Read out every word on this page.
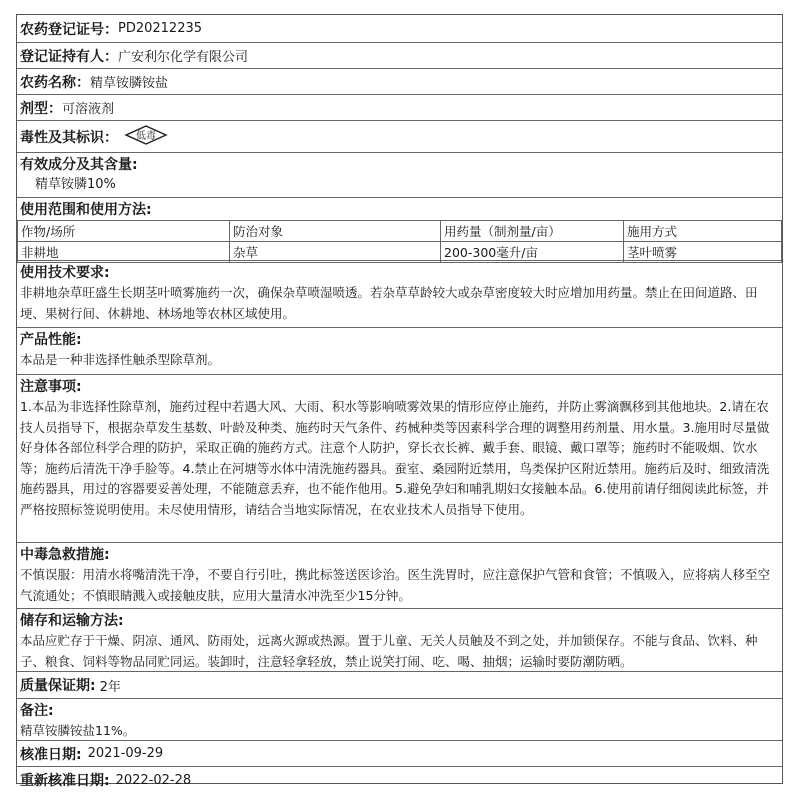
农药登记证号： PD20212235
登记证持有人： 广安利尔化学有限公司
农药名称： 精草铵膦铵盐
剂型： 可溶液剂
毒性及其标识： 低毒
有效成分及其含量:
精草铵膦10%
使用范围和使用方法:
作物/场所	防治对象	用药量（制剂量/亩）	施用方式
非耕地	杂草	200-300毫升/亩	茎叶喷雾
使用技术要求:
非耕地杂草旺盛生长期茎叶喷雾施药一次，确保杂草喷湿喷透。若杂草草龄较大或杂草密度较大时应增加用药量。禁止在田间道路、田埂、果树行间、休耕地、林场地等农林区域使用。
产品性能:
本品是一种非选择性触杀型除草剂。
注意事项:
1.本品为非选择性除草剂，施药过程中若遇大风、大雨、积水等影响喷雾效果的情形应停止施药，并防止雾滴飘移到其他地块。2.请在农技人员指导下，根据杂草发生基数、叶龄及种类、施药时天气条件、药械种类等因素科学合理的调整用药剂量、用水量。3.施用时尽量做好身体各部位科学合理的防护，采取正确的施药方式。注意个人防护，穿长衣长裤、戴手套、眼镜、戴口罩等；施药时不能吸烟、饮水等；施药后清洗干净手脸等。4.禁止在河塘等水体中清洗施药器具。蚕室、桑园附近禁用，鸟类保护区附近禁用。施药后及时、细致清洗施药器具，用过的容器要妥善处理，不能随意丢弃，也不能作他用。5.避免孕妇和哺乳期妇女接触本品。6.使用前请仔细阅读此标签，并严格按照标签说明使用。未尽使用情形，请结合当地实际情况，在农业技术人员指导下使用。
中毒急救措施:
不慎误服：用清水将嘴清洗干净，不要自行引吐，携此标签送医诊治。医生洗胃时，应注意保护气管和食管；不慎吸入，应将病人移至空气流通处；不慎眼睛溅入或接触皮肤，应用大量清水冲洗至少15分钟。
储存和运输方法:
本品应贮存于干燥、阴凉、通风、防雨处，远离火源或热源。置于儿童、无关人员触及不到之处，并加锁保存。不能与食品、饮料、种子、粮食、饲料等物品同贮同运。装卸时，注意轻拿轻放，禁止说笑打闹、吃、喝、抽烟；运输时要防潮防晒。
质量保证期: 2年
备注:
精草铵膦铵盐11%。
核准日期: 2021-09-29
重新核准日期: 2022-02-28
